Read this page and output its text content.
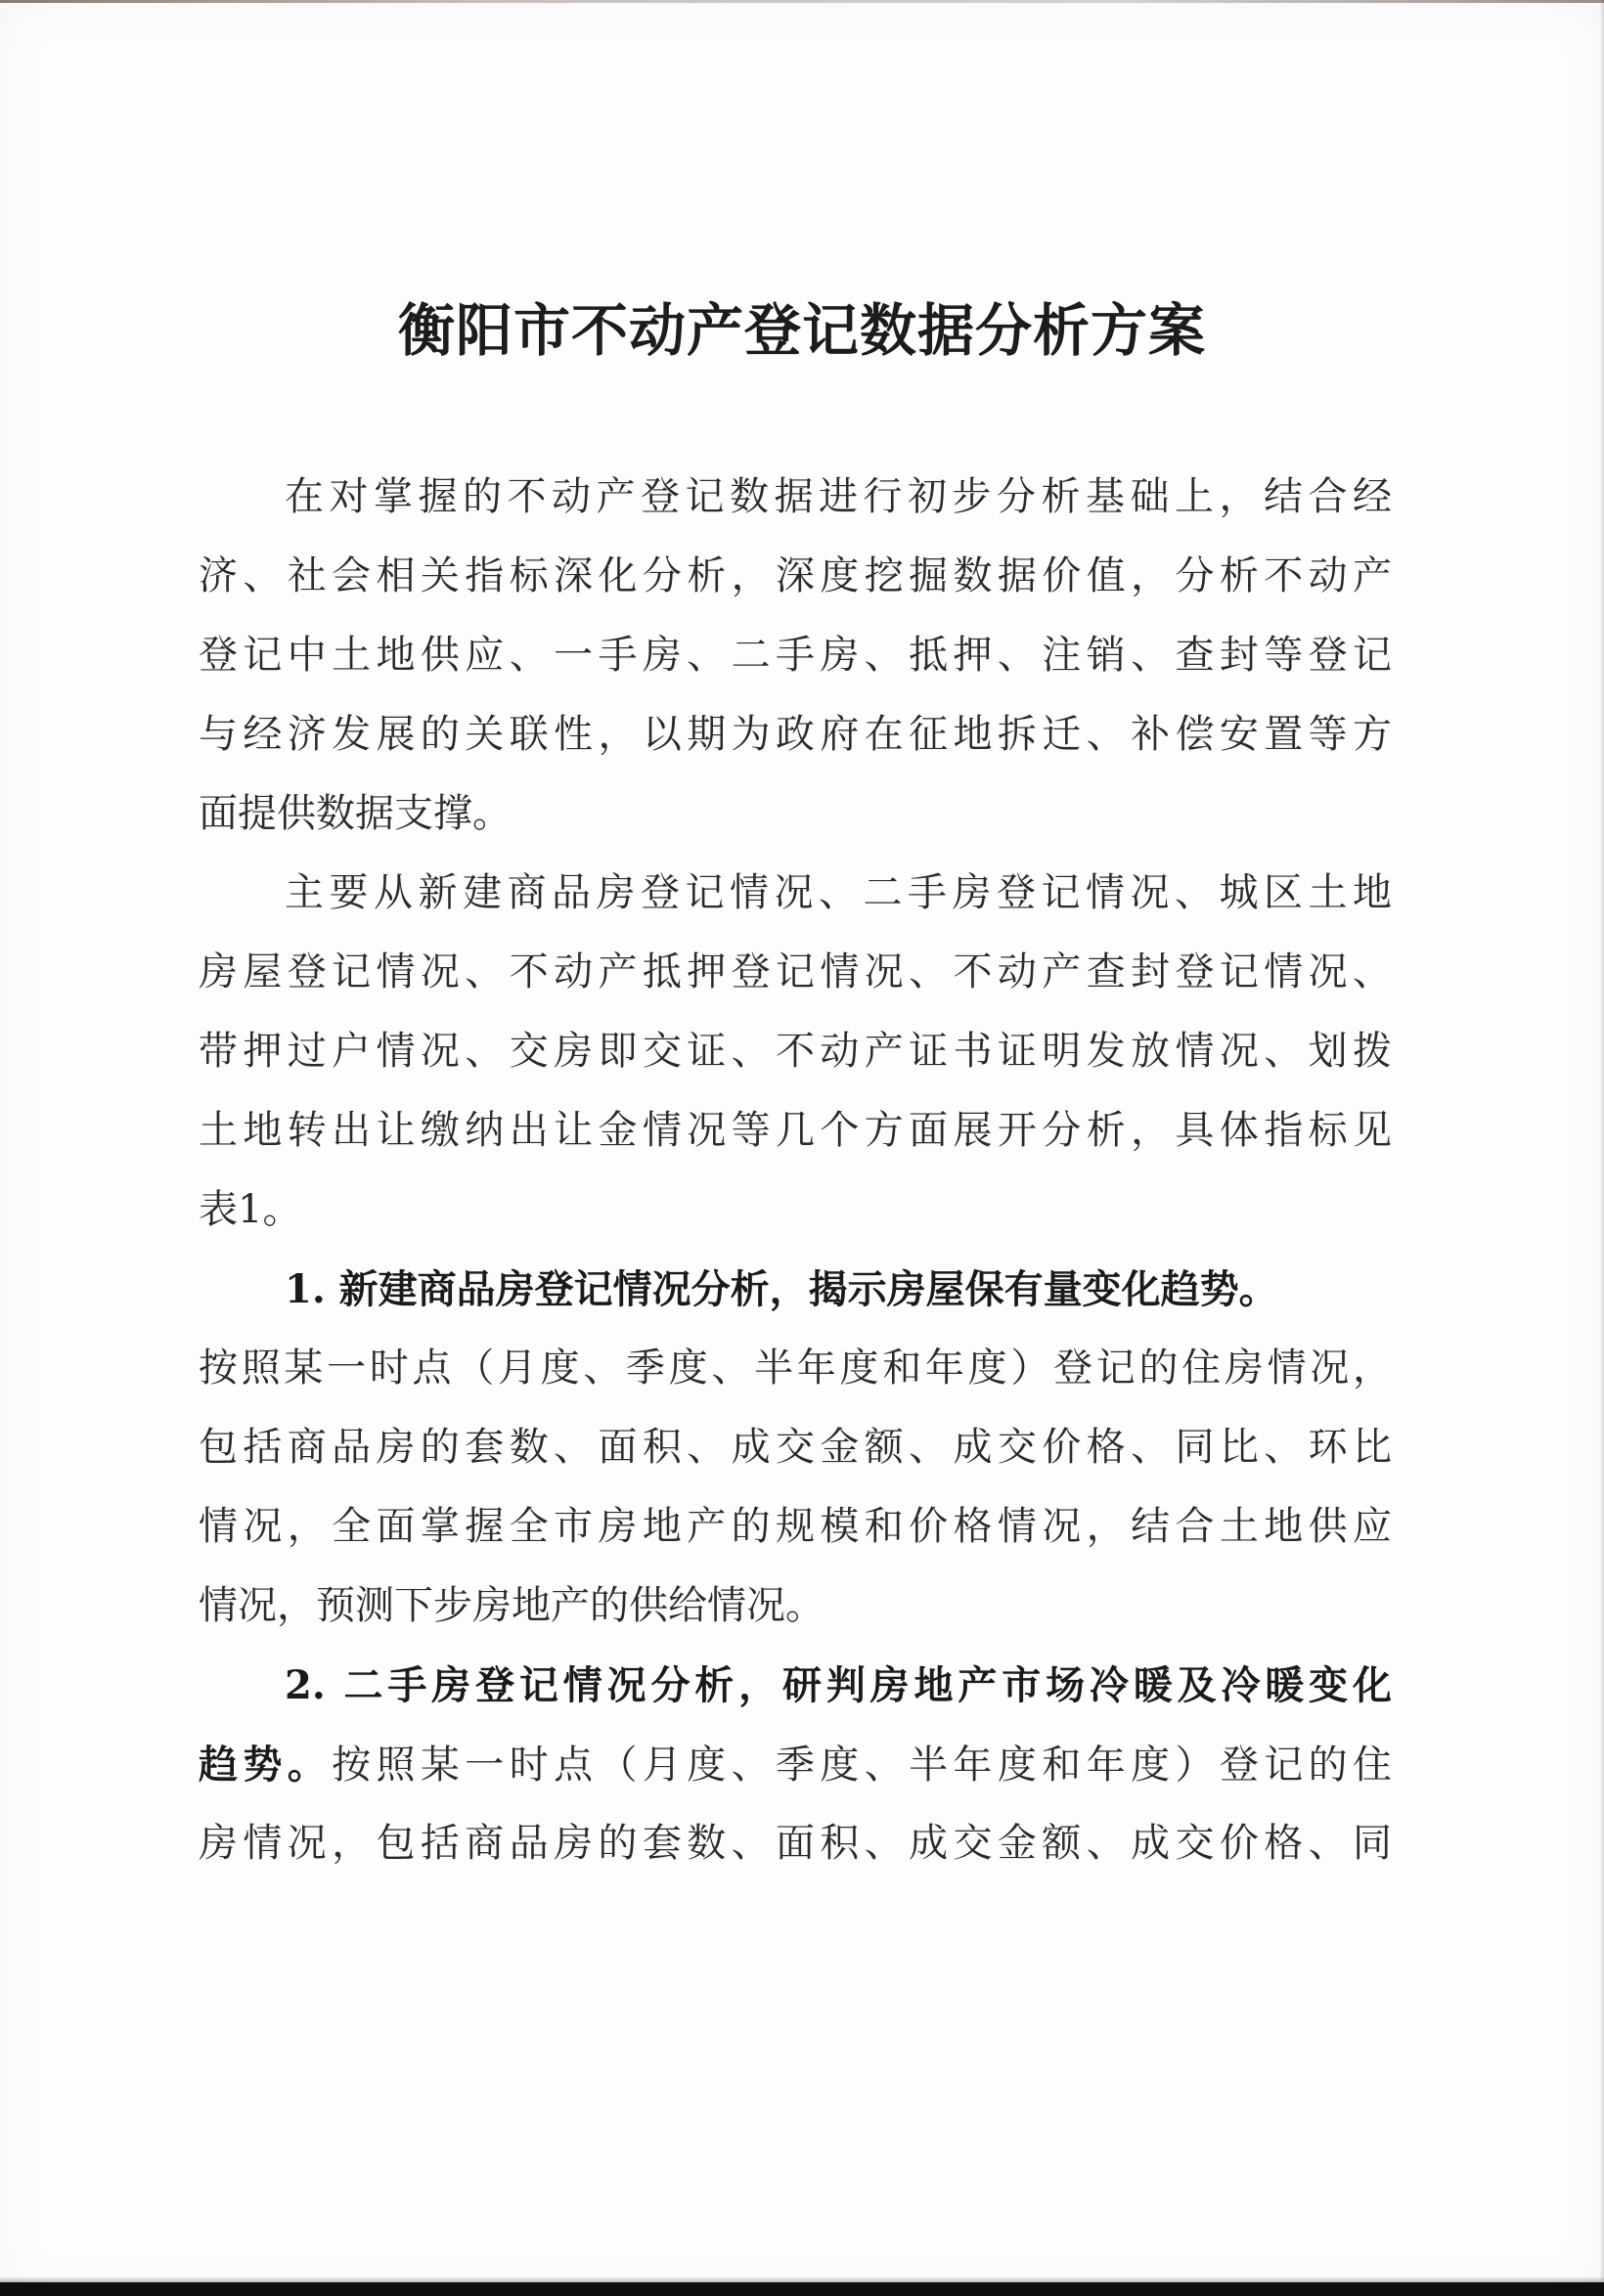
衡阳市不动产登记数据分析方案
在对掌握的不动产登记数据进行初步分析基础上，结合经
济、社会相关指标深化分析，深度挖掘数据价值，分析不动产
登记中土地供应、一手房、二手房、抵押、注销、查封等登记
与经济发展的关联性，以期为政府在征地拆迁、补偿安置等方
面提供数据支撑。
主要从新建商品房登记情况、二手房登记情况、城区土地
房屋登记情况、不动产抵押登记情况、不动产查封登记情况、
带押过户情况、交房即交证、不动产证书证明发放情况、划拨
土地转出让缴纳出让金情况等几个方面展开分析，具体指标见
表1。
1. 新建商品房登记情况分析，揭示房屋保有量变化趋势。
按照某一时点（月度、季度、半年度和年度）登记的住房情况，
包括商品房的套数、面积、成交金额、成交价格、同比、环比
情况，全面掌握全市房地产的规模和价格情况，结合土地供应
情况，预测下步房地产的供给情况。
2. 二手房登记情况分析，研判房地产市场冷暖及冷暖变化
趋势。按照某一时点（月度、季度、半年度和年度）登记的住
房情况，包括商品房的套数、面积、成交金额、成交价格、同
